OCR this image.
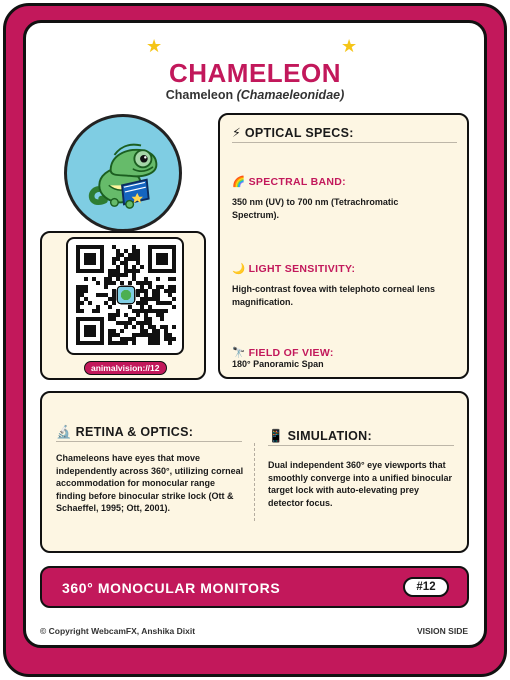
★	★
CHAMELEON
Chameleon (Chamaeleonidae)
animalvision://12
⚡ OPTICAL SPECS:
🌈 SPECTRAL BAND:
350 nm (UV) to 700 nm (Tetrachromatic Spectrum).
🌙 LIGHT SENSITIVITY:
High-contrast fovea with telephoto corneal lens magnification.
🔭 FIELD OF VIEW:
180° Panoramic Span
🔬 RETINA & OPTICS:
Chameleons have eyes that move independently across 360°, utilizing corneal accommodation for monocular range finding before binocular strike lock (Ott & Schaeffel, 1995; Ott, 2001).
📱 SIMULATION:
Dual independent 360° eye viewports that smoothly converge into a unified binocular target lock with auto-elevating prey detector focus.
360° MONOCULAR MONITORS	#12
© Copyright WebcamFX, Anshika Dixit	VISION SIDE
